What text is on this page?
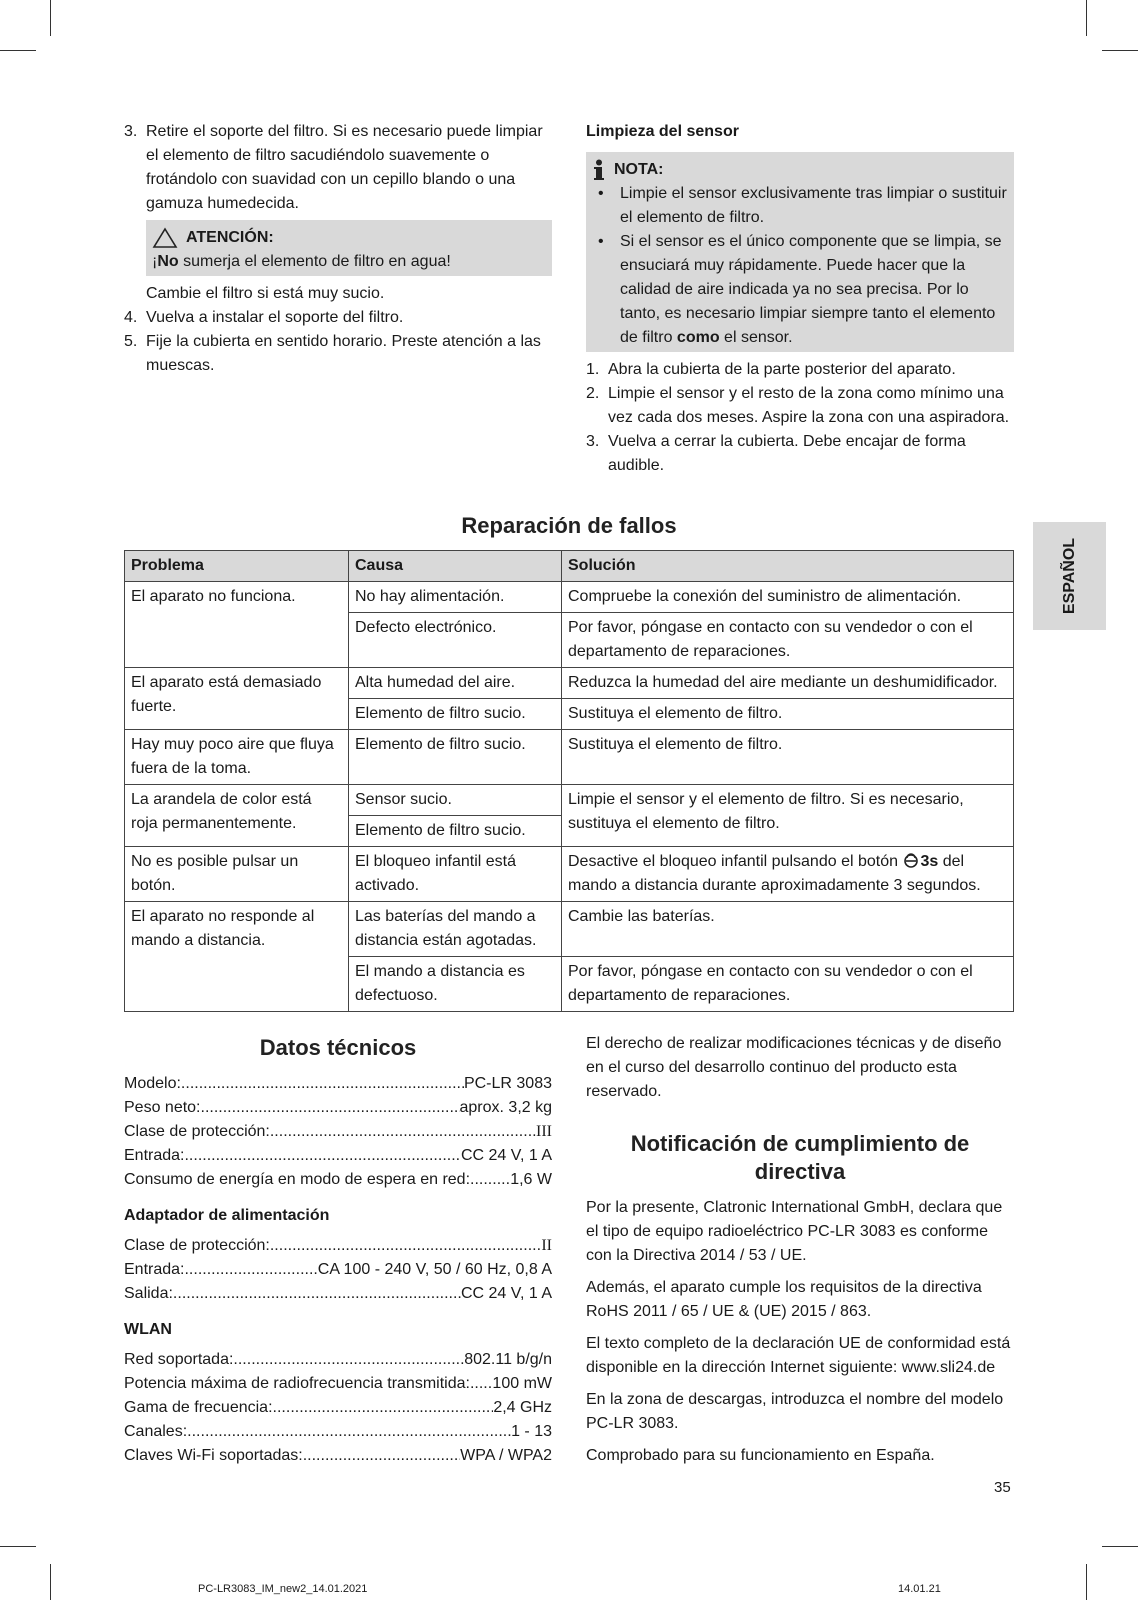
3. Retire el soporte del filtro. Si es necesario puede limpiar el elemento de filtro sacudiéndolo suavemente o frotándolo con suavidad con un cepillo blando o una gamuza humedecida.
ATENCIÓN:
¡No sumerja el elemento de filtro en agua!
Cambie el filtro si está muy sucio.
4. Vuelva a instalar el soporte del filtro.
5. Fije la cubierta en sentido horario. Preste atención a las muescas.
Limpieza del sensor
NOTA:
• Limpie el sensor exclusivamente tras limpiar o sustituir el elemento de filtro.
• Si el sensor es el único componente que se limpia, se ensuciará muy rápidamente. Puede hacer que la calidad de aire indicada ya no sea precisa. Por lo tanto, es necesario limpiar siempre tanto el elemento de filtro como el sensor.
1. Abra la cubierta de la parte posterior del aparato.
2. Limpie el sensor y el resto de la zona como mínimo una vez cada dos meses. Aspire la zona con una aspiradora.
3. Vuelva a cerrar la cubierta. Debe encajar de forma audible.
Reparación de fallos
Problema	Causa	Solución
El aparato no funciona.	No hay alimentación.	Compruebe la conexión del suministro de alimentación.
	Defecto electrónico.	Por favor, póngase en contacto con su vendedor o con el departamento de reparaciones.
El aparato está demasiado fuerte.	Alta humedad del aire.	Reduzca la humedad del aire mediante un deshumidificador.
	Elemento de filtro sucio.	Sustituya el elemento de filtro.
Hay muy poco aire que fluya fuera de la toma.	Elemento de filtro sucio.	Sustituya el elemento de filtro.
La arandela de color está roja permanentemente.	Sensor sucio.	Limpie el sensor y el elemento de filtro. Si es necesario, sustituya el elemento de filtro.
	Elemento de filtro sucio.	
No es posible pulsar un botón.	El bloqueo infantil está activado.	Desactive el bloqueo infantil pulsando el botón 3s del mando a distancia durante aproximadamente 3 segundos.
El aparato no responde al mando a distancia.	Las baterías del mando a distancia están agotadas.	Cambie las baterías.
	El mando a distancia es defectuoso.	Por favor, póngase en contacto con su vendedor o con el departamento de reparaciones.
ESPAÑOL
Datos técnicos
Modelo: .....	PC-LR 3083
Peso neto: .....	aprox. 3,2 kg
Clase de protección: .....	III
Entrada: .....	CC 24 V, 1 A
Consumo de energía en modo de espera en red: .....	1,6 W
Adaptador de alimentación
Clase de protección: .....	II
Entrada: .....	CA 100 - 240 V, 50 / 60 Hz, 0,8 A
Salida: .....	CC 24 V, 1 A
WLAN
Red soportada: .....	802.11 b/g/n
Potencia máxima de radiofrecuencia transmitida: ..... 100 mW
Gama de frecuencia: .....	2,4 GHz
Canales: .....	1 - 13
Claves Wi-Fi soportadas: .....	WPA / WPA2
El derecho de realizar modificaciones técnicas y de diseño en el curso del desarrollo continuo del producto esta reservado.
Notificación de cumplimiento de directiva
Por la presente, Clatronic International GmbH, declara que el tipo de equipo radioeléctrico PC-LR 3083 es conforme con la Directiva 2014 / 53 / UE.
Además, el aparato cumple los requisitos de la directiva RoHS 2011 / 65 / UE & (UE) 2015 / 863.
El texto completo de la declaración UE de conformidad está disponible en la dirección Internet siguiente: www.sli24.de
En la zona de descargas, introduzca el nombre del modelo PC-LR 3083.
Comprobado para su funcionamiento en España.
35
PC-LR3083_IM_new2_14.01.2021	14.01.21
